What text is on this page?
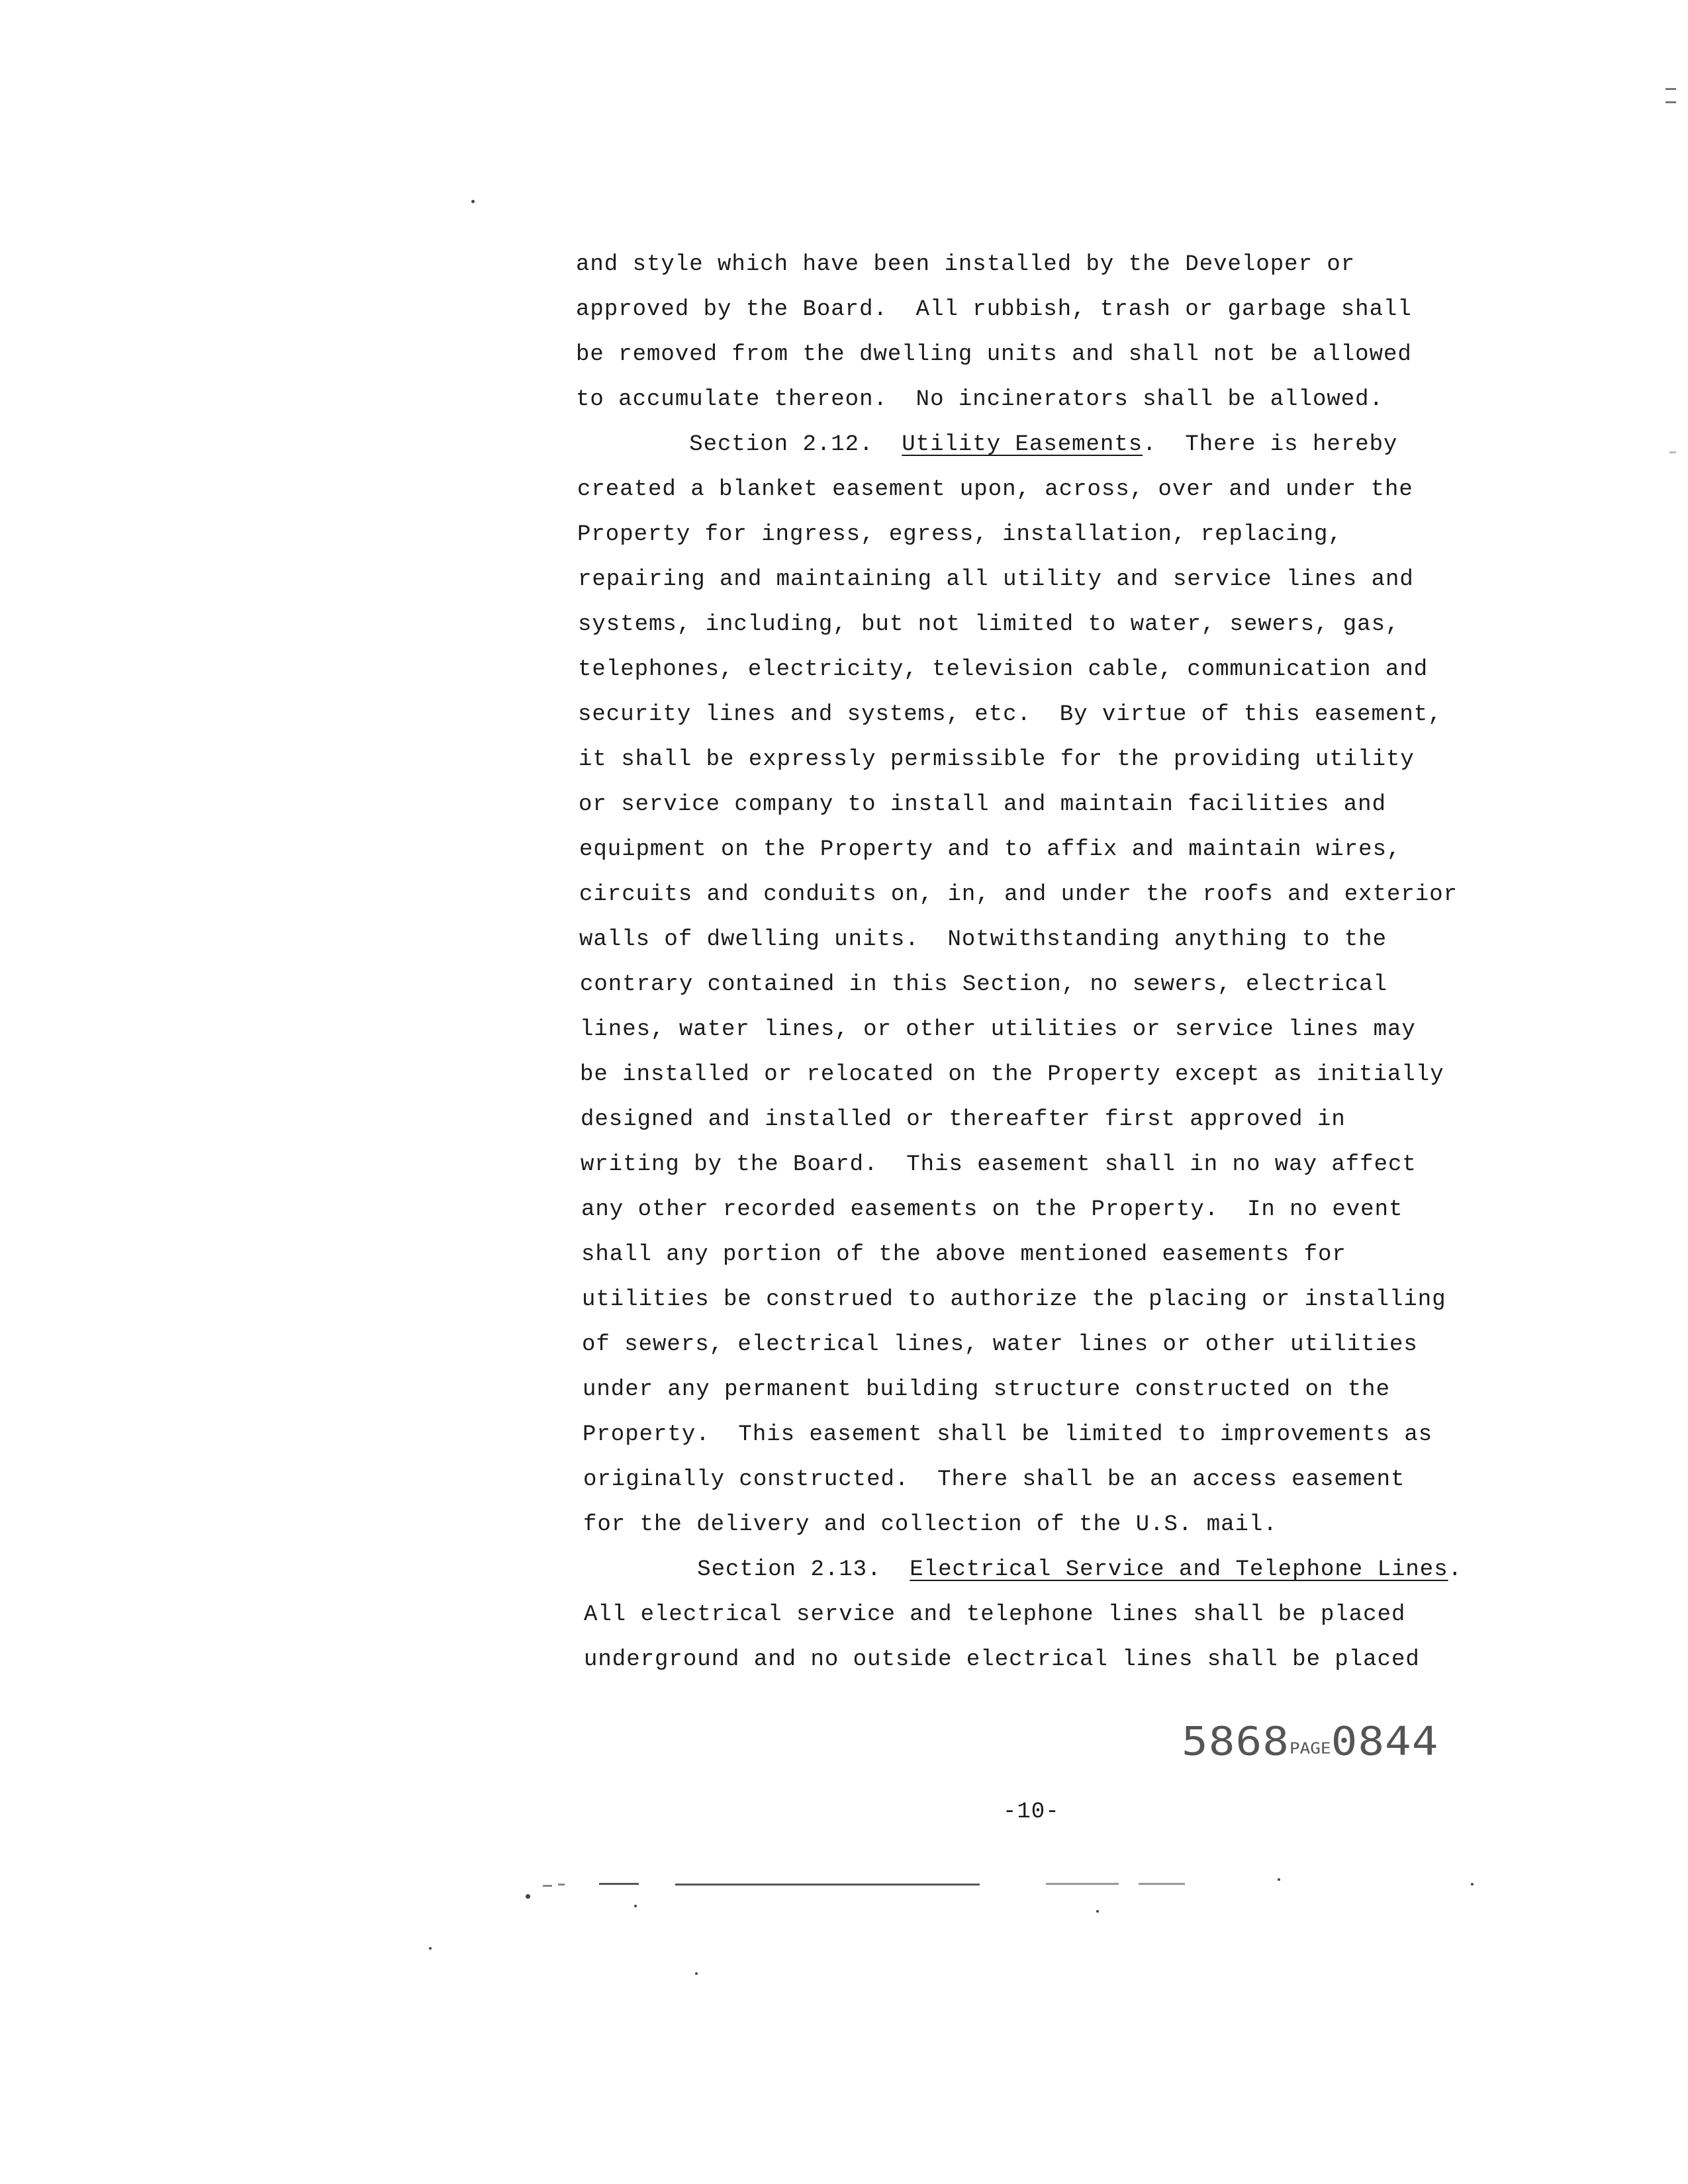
and style which have been installed by the Developer or
approved by the Board.  All rubbish, trash or garbage shall
be removed from the dwelling units and shall not be allowed
to accumulate thereon.  No incinerators shall be allowed.
Section 2.12.  Utility Easements.  There is hereby
created a blanket easement upon, across, over and under the
Property for ingress, egress, installation, replacing,
repairing and maintaining all utility and service lines and
systems, including, but not limited to water, sewers, gas,
telephones, electricity, television cable, communication and
security lines and systems, etc.  By virtue of this easement,
it shall be expressly permissible for the providing utility
or service company to install and maintain facilities and
equipment on the Property and to affix and maintain wires,
circuits and conduits on, in, and under the roofs and exterior
walls of dwelling units.  Notwithstanding anything to the
contrary contained in this Section, no sewers, electrical
lines, water lines, or other utilities or service lines may
be installed or relocated on the Property except as initially
designed and installed or thereafter first approved in
writing by the Board.  This easement shall in no way affect
any other recorded easements on the Property.  In no event
shall any portion of the above mentioned easements for
utilities be construed to authorize the placing or installing
of sewers, electrical lines, water lines or other utilities
under any permanent building structure constructed on the
Property.  This easement shall be limited to improvements as
originally constructed.  There shall be an access easement
for the delivery and collection of the U.S. mail.
Section 2.13.  Electrical Service and Telephone Lines.
All electrical service and telephone lines shall be placed
underground and no outside electrical lines shall be placed
5868PAGE0844
-10-
